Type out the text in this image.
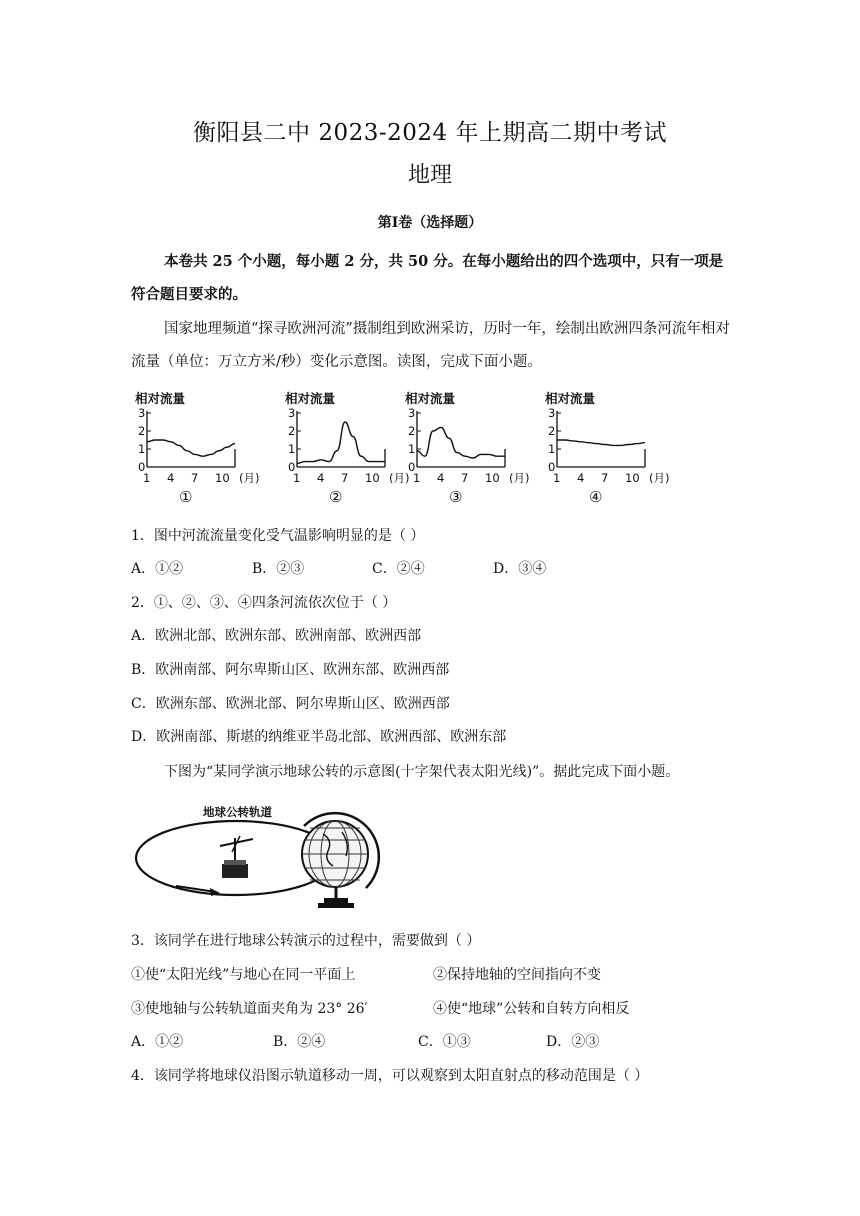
衡阳县二中 2023-2024 年上期高二期中考试
地理
第Ⅰ卷（选择题）
本卷共 25 个小题，每小题 2 分，共 50 分。在每小题给出的四个选项中，只有一项是符合题目要求的。
国家地理频道“探寻欧洲河流”摄制组到欧洲采访，历时一年，绘制出欧洲四条河流年相对流量（单位：万立方米/秒）变化示意图。读图，完成下面小题。
相对流量
0
1
2
3
1 4 7 10 (月)
①
相对流量
0
1
2
3
1 4 7 10 (月)
②
相对流量
0
1
2
3
1 4 7 10 (月)
③
相对流量
0
1
2
3
1 4 7 10 (月)
④
1．图中河流流量变化受气温影响明显的是（ ）
A．①②	B．②③	C．②④	D．③④
2．①、②、③、④四条河流依次位于（ ）
A．欧洲北部、欧洲东部、欧洲南部、欧洲西部
B．欧洲南部、阿尔卑斯山区、欧洲东部、欧洲西部
C．欧洲东部、欧洲北部、阿尔卑斯山区、欧洲西部
D．欧洲南部、斯堪的纳维亚半岛北部、欧洲西部、欧洲东部
下图为“某同学演示地球公转的示意图(十字架代表太阳光线)”。据此完成下面小题。
地球公转轨道
3．该同学在进行地球公转演示的过程中，需要做到（ ）
①使“太阳光线”与地心在同一平面上	②保持地轴的空间指向不变
③使地轴与公转轨道面夹角为 23° 26′	④使“地球”公转和自转方向相反
A．①②	B．②④	C．①③	D．②③
4．该同学将地球仪沿图示轨道移动一周，可以观察到太阳直射点的移动范围是（ ）
